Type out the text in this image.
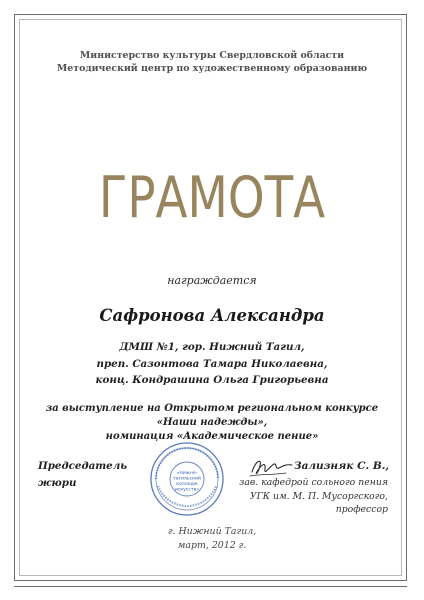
Министерство культуры Свердловской области
Методический центр по художественному образованию
ГРАМОТА
награждается
Сафронова Александра
ДМШ №1, гор. Нижний Тагил,
преп. Сазонтова Тамара Николаевна,
конц. Кондрашина Ольга Григорьевна
за выступление на Открытом региональном конкурсе
«Наши надежды»,
номинация «Академическое пение»
Председатель
жюри
«Нижне-
тагильский
колледж
искусств»
Зализняк С. В.,
зав. кафедрой сольного пения
УГК им. М. П. Мусоргского,
профессор
г. Нижний Тагил,
март, 2012 г.
